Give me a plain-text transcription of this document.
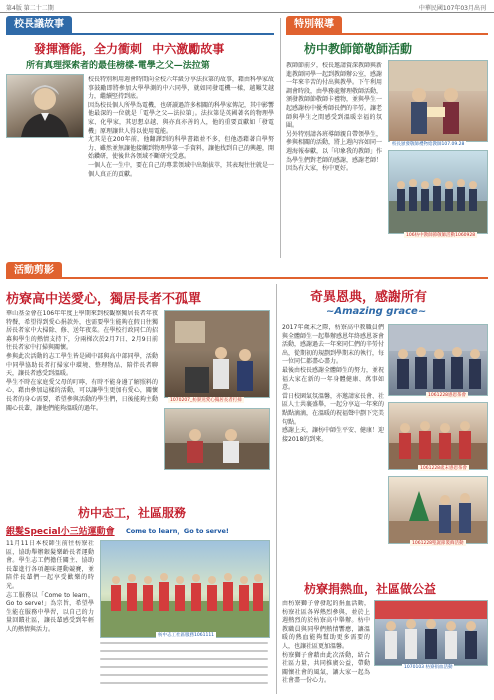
第4版 第二十二期	中華民國107年03月出刊
校長議故事
發揮潛能，全力衝刺 中六激勵故事
所有真理探索者的最佳榜樣-電學之父—法拉第
校長特別利用週會時間向全校六年級分享法拉第的故事，藉由科學家故事鼓勵即將參加大學學測的中六同學，就如同發電機一樣，越艱艾越力，繼續堅持到底。
因為校長個人所學為電機，也研讀過許多相關的科學家傳記，其中影響他最深的一位就是「電學之父—法拉第」。法拉第是英國著名的物理學家、化學家，其思想卓越、與亦真亦善的人，他的重要貢獻如「發電機」原理讓世人得以使用電能。
尤其是在200年前，他翻譯到的科學書籍並不多，但他憑藉著自學努力、雖然並無讓他接觸到物理學第一手資料，讓他找到自己的興趣，開始鑽研，使後世各領域不斷研究受惠。
一個人在一生中，要在自己的專業領域中出類拔萃，其表現往往就是一個人真正的貢獻。
特別報導
枋中教師節敬師活動
教師節前夕，校長邀請資深教師與新進教師同學一起到教師辦公室，感謝一年來辛苦的付出與教學。下午利用調會時段，由學務處辦理敬師活動，頒發教師節敬師卡禮物，並與學生一起感謝枋中優秀師長們的辛勞。讓老師與學生之間感受到溫暖幸福的氛圍。
另外特別請各班導師親自帶領學生，參與相關的活動，將上週內容如同一週海報奉獻，以「印象我的教師」作為學生們對老師的感謝，感謝老師！因為有大家，枋中更好。
校長頒發敬師禮物給教師107.09.28
106枋中教師節敬師活動1060928
活動剪影
枋寮高中送愛心，獨居長者不孤單
華山基金會在106年年度上學期來到校觀察獨居長者年夜特餐，希望得到愛心捐款外，也需要學生能夠在假日往獨居長者家中大掃除、修、送年夜菜。在學校行政同仁的招募與學生的熱情支持下，分兩梯次於2月7日、2月9日前往長者家中打掃與關懷。
參與此次活動的志工學生皆是國中部與高中部同學，活動中同學協助長者打掃家中環境、整理物品、陪伴長者聊天，讓長者感受到溫暖。
學生不時在家庭愛父母的叮嚀，有時不能身邊了解照料的心，藉由參加這樣的活動，可以讓學生更加有愛心，關懷長者的身心需要，希望參與活動的學生們，日後能夠主動關心長輩，讓他們能夠溫暖的過年。
1070207_枋寮送愛心獨居長者打掃
枋中志工，社區服務
銀髮Special小三站運動會 Come to learn，Go to serve!
11月11日本校師生前往枋寮社區，協助舉辦銀髮樂齡長者運動會。學生志工們擔任關主、協助長輩進行各項趣味運動競賽，並陪伴長輩們一起享受歡樂的時光。
志工服務以「Come to learn，Go to serve!」為宗旨，希望學生能在服務中學習，以自己的力量回饋社區，讓長輩感受到年輕人的熱情與活力。
枋中志工社區服務1061111
奇異恩典，感謝所有
~Amazing grace~
2017年歲末之際，枋寮高中教職員們與全體師生一起舉辦感恩年終感恩茶會活動，感謝過去一年來同仁們的辛勞付出，從期初的規劃到學期末的執行，每一位同仁都盡心盡力。
最後由校長感謝全體師生的努力，並祝福大家在新的一年身體健康、萬事如意。
當日校園氣氛溫馨，亦邀請家長會、社區人士共襄盛舉，一起分享這一年來的點點滴滴，在溫暖的祝福聲中劃下完美句點。
感謝上天，讓枋中師生平安、健康！迎接2018的到來。
1061228感恩茶會
1061228歲末感恩茶會
1061228聖誕節裝飾活動
枋寮捐熱血，社區做公益
由枋寮獅子會發起的捐血活動，枋寮社區各界熱烈參與，並於上週熱烈的於枋寮高中舉辦。枋中教職員與同學們熱情響應，讓溫暖的熱血能夠幫助更多需要的人，也讓社區更加溫馨。
枋寮獅子會藉由此次活動，結合社區力量，共同推廣公益，帶動關懷社會的風氣，讓大家一起為社會盡一份心力。
1070103 枋寮捐血活動
